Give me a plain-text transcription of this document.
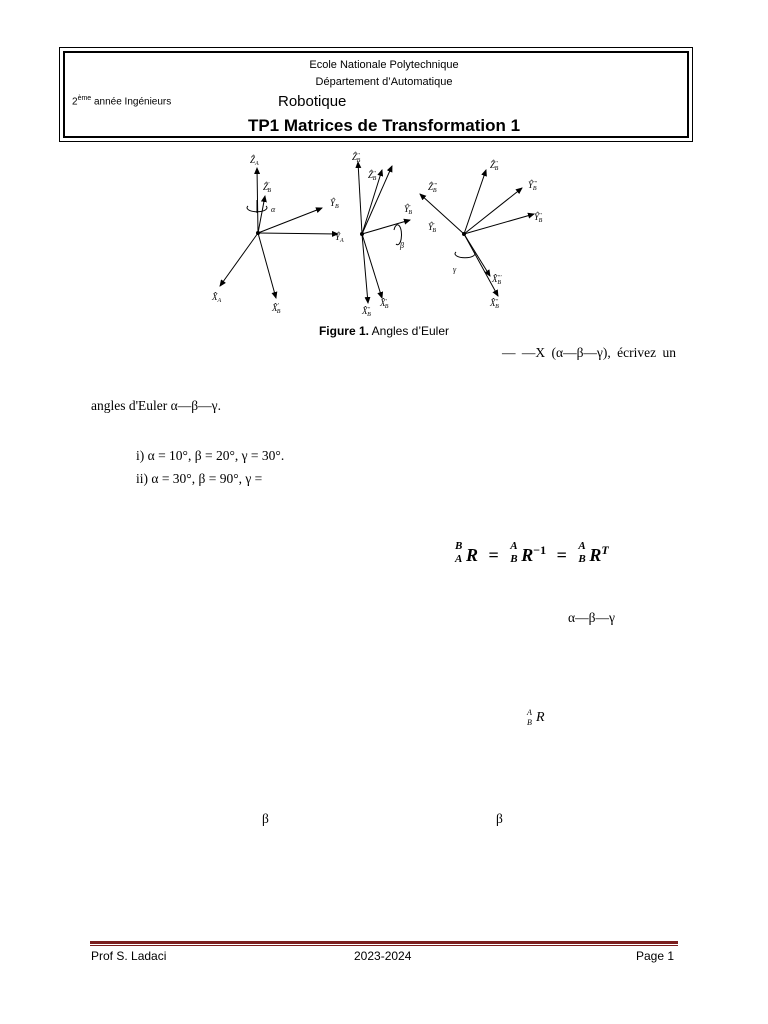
Ecole Nationale Polytechnique
Département d’Automatique
2ème année Ingénieurs	Robotique
TP1 Matrices de Transformation 1
Ẑ$_A$
Ẑ' B
α
$Ŷ_B$
$Ŷ_A$
$X̂_A$
X̂' B
Ẑ'' B
Ẑ'' B
Ŷ' B
β
Ŷ' B
X̂'' B
X̂' B
Ẑ''' B
Ẑ'' B
Ŷ''' B
Ŷ'' B
γ
X̂''' B
X̂'' B
Figure 1. Angles d’Euler
— —X (α—β—γ), écrivez un
angles d'Euler α—β—γ.
i) α = 10°, β = 20°, γ = 30°.
ii) α = 30°, β = 90°, γ =
B
A R = A
B $R^{-1} = A$
B $R^T$
α—β—γ
A
B R
β	β
Prof S. Ladaci	2023-2024	Page 1
